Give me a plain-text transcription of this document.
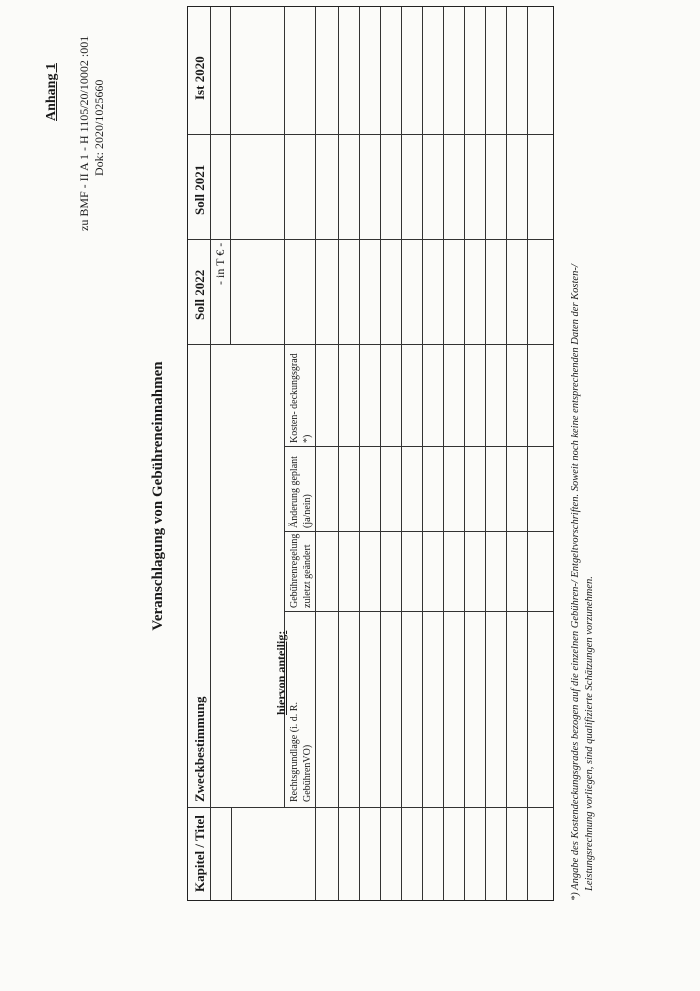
Anhang 1 zu BMF - II A 1 - H 1105/20/10002 :001 Dok: 2020/1025660
Veranschlagung von Gebühreneinnahmen
Kapitel / Titel
Zweckbestimmung
Soll 2022
Soll 2021
Ist 2020
- in T € -
hiervon anteilig:
Rechtsgrundlage (i. d. R. GebührenVO)
Gebührenregelung zuletzt geändert
Änderung geplant (ja/nein)
Kosten- deckungsgrad *)	*) Angabe des Kostendeckungsgrades bezogen auf die einzelnen Gebühren-/ Entgeltvorschriften. Soweit noch keine entsprechenden Daten der Kosten-/ Leistungsrechnung vorliegen, sind qualifizierte Schätzungen vorzunehmen.
